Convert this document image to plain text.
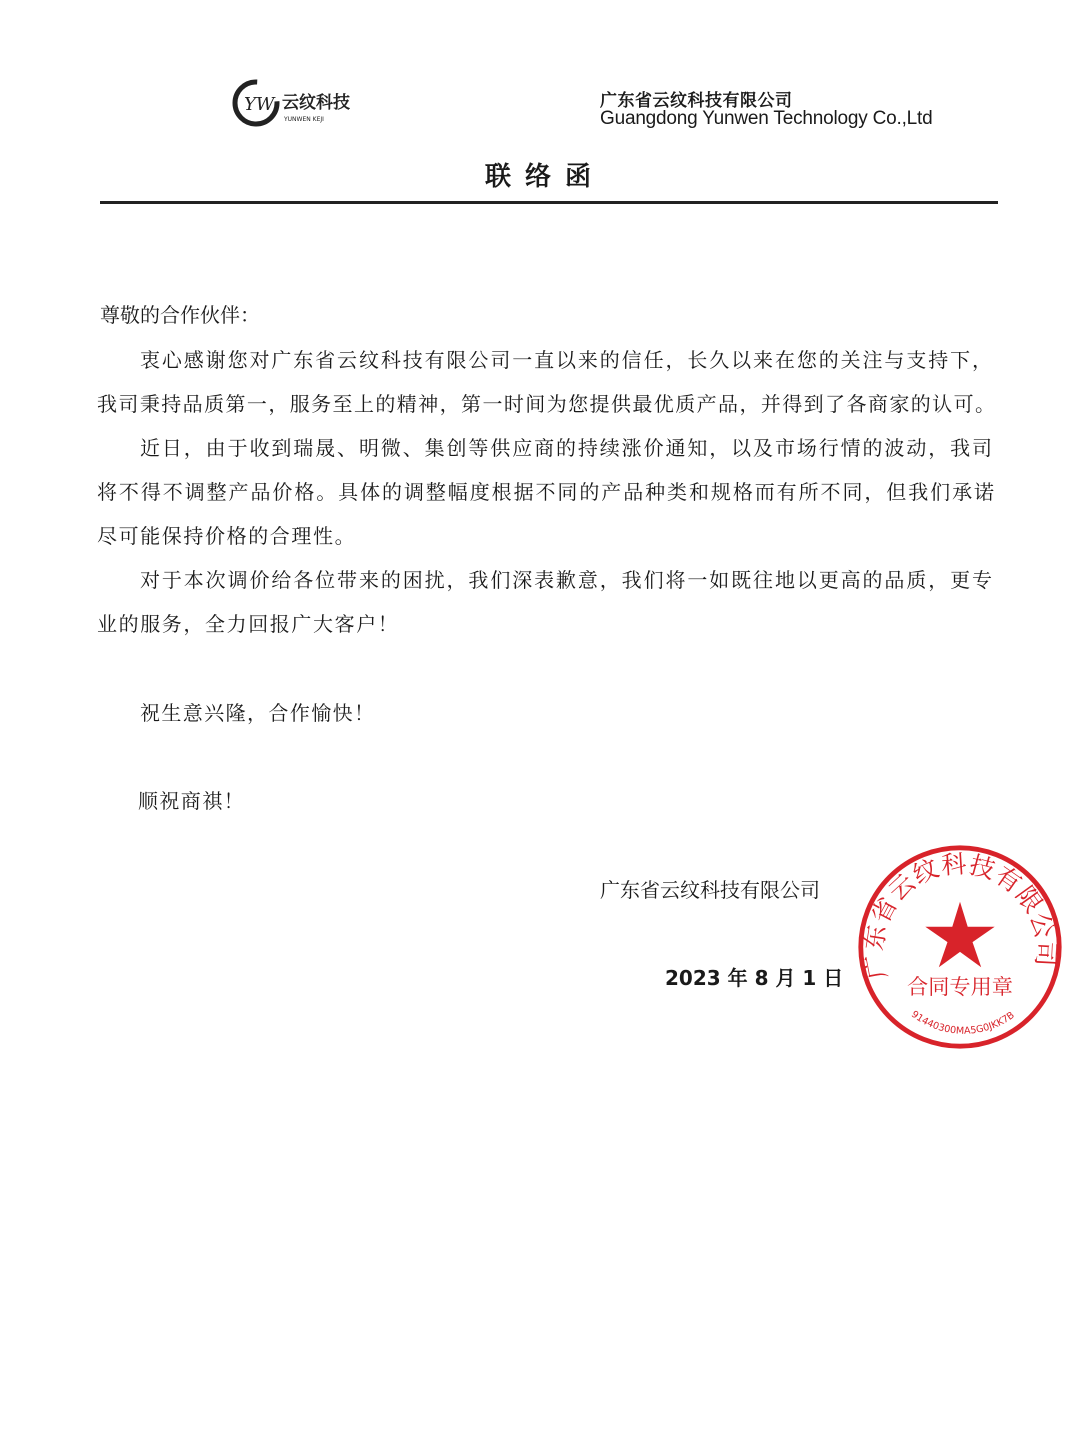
YW 云纹科技
YUNWEN KEJI
广东省云纹科技有限公司
Guangdong Yunwen Technology Co.,Ltd
联络函
尊敬的合作伙伴：
衷心感谢您对广东省云纹科技有限公司一直以来的信任，长久以来在您的关注与支持下，
我司秉持品质第一，服务至上的精神，第一时间为您提供最优质产品，并得到了各商家的认可。
近日，由于收到瑞晟、明微、集创等供应商的持续涨价通知，以及市场行情的波动，我司
将不得不调整产品价格。具体的调整幅度根据不同的产品种类和规格而有所不同，但我们承诺
尽可能保持价格的合理性。
对于本次调价给各位带来的困扰，我们深表歉意，我们将一如既往地以更高的品质，更专
业的服务，全力回报广大客户！
祝生意兴隆，合作愉快！
顺祝商祺！
广东省云纹科技有限公司
2023 年 8 月 1 日 广东省云纹科技有限公司
合同专用章
91440300MA5G0JKK7B
